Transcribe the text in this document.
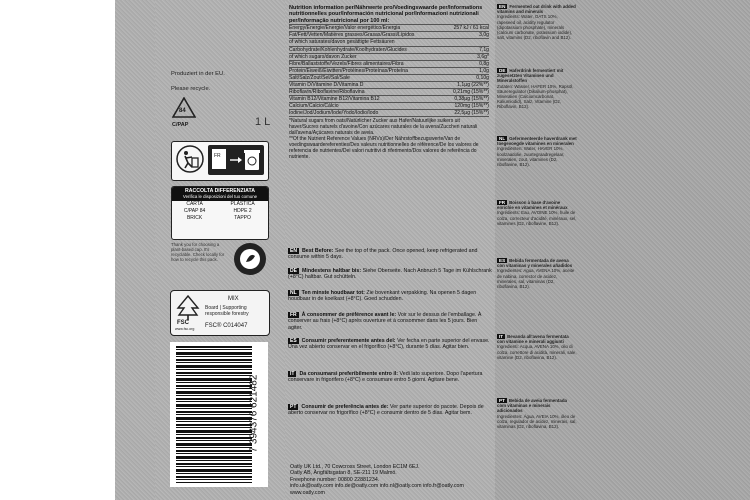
Produziert in der EU.
Please recycle.
84
C/PAP	1 L
FR
RACCOLTA DIFFERENZIATA
Verifica le disposizioni del tuo comune
CARTA	PLASTICA
C/PAP 84	HDPE 2
BRICK	TAPPO
Thank you for choosing a plant-based cap. It's recyclable. Check locally for how to recycle this pack.
FSC
www.fsc.org
MIX
Board | Supporting responsible forestry
FSC® C014047
7 394376 621482
Nutrition information per/Nährwerte pro/Voedingswaarde per/Informations nutritionnelles pour/Información nutricional por/Informazioni nutrizionali per/Informação nutricional por 100 ml:
Energy/Energie/Energie/Valor energético/Energia	257 kJ / 61 kcal
Fat/Fett/Vetten/Matières grasses/Grasas/Grassi/Lípidos	3,0g
of which saturates/davon gesättigte Fettsäuren
Carbohydrate/Kohlenhydrate/Koolhydraten/Glucides	7,1g
of which sugars/davon Zucker	3,6g*
Fibre/Ballaststoffe/Vezels/Fibres alimentaires/Fibra	0,8g
Protein/Eiweiß/Eiwitten/Protéines/Proteínas/Proteína	1,0g
Salt/Salz/Zout/Sel/Sal/Sale	0,10g
Vitamin D/Vitamine D/Vitamina D	1,1µg (22%**)
Riboflavin/Riboflavine/Riboflavina	0,21mg (15%**)
Vitamin B12/Vitamine B12/Vitamina B12	0,38µg (15%**)
Calcium/Calcio/Cálcio	120mg (15%**)
Iodine/Jod/Jodium/Iode/Yodo/Iodio/Iodo	22,5µg (15%**)
*Natural sugars from oats/Natürlicher Zucker aus Hafer/Natuurlijke suikers uit haver/Sucres naturels d'avoine/Con azúcares naturales de la avena/Zuccheri naturali dall'avena/Açúcares naturais de aveia.
**Of the Nutrient Reference Values (NRVs)/Der Nährstoffbezugswerte/Van de voedingswaardereferenties/Des valeurs nutritionnelles de référence/De los valores de referencia de nutrientes/Dei valori nutritivi di riferimento/Dos valores de referência do nutriente.
EN Best Before: See the top of the pack. Once opened, keep refrigerated and consume within 5 days.
DE Mindestens haltbar bis: Siehe Oberseite. Nach Anbruch 5 Tage im Kühlschrank (+8°C) haltbar. Gut schütteln.
NL Ten minste houdbaar tot: Zie bovenkant verpakking. Na openen 5 dagen houdbaar in de koelkast (+8°C). Goed schudden.
FR À consommer de préférence avant le: Voir sur le dessus de l'emballage. À conserver au frais (+8°C) après ouverture et à consommer dans les 5 jours. Bien agiter.
ES Consumir preferentemente antes del: Ver fecha en parte superior del envase. Una vez abierto conservar en el frigorífico (+8°C), durante 5 días. Agitar bien.
IT Da consumarsi preferibilmente entro il: Vedi lato superiore. Dopo l'apertura conservare in frigorifero (+8°C) e consumare entro 5 giorni. Agitare bene.
PT Consumir de preferência antes de: Ver parte superior do pacote. Depois de aberto conservar no frigorífico (+8°C) e consumir dentro de 5 dias. Agitar bem.
Oatly UK Ltd., 70 Cowcross Street, London EC1M 6EJ.
Oatly AB, Ängfältsgatan 8, SE-211 19 Malmö.
Freephone number: 00800 22881234.
info.uk@oatly.com info.de@oatly.com info.nl@oatly.com info.fr@oatly.com
www.oatly.com
EN Fermented oat drink with added vitamins and minerals
Ingredients: Water, OATS 10%, rapeseed oil, acidity regulator (dipotassium phosphate), minerals (calcium carbonate, potassium iodide), salt, vitamins (D2, riboflavin and B12).
DE Haferdrink fermentiert mit zugesetzten Vitaminen und Mineralstoffen
Zutaten: Wasser, HAFER 10%, Rapsöl, Säureregulator (Dikalium-phosphat), Mineralien (Calciumcarbonat, Kaliumiodid), Salz, Vitamine (D2, Riboflavin, B12).
NL Gefermenteerde haverdrank met toegevoegde vitamines en mineralen
Ingrediënten: Water, HAVER 10%, koolzaadolie, zuurtegraadregelaar, mineralen, zout, vitamines (D2, riboflavine, B12).
FR Boisson à base d'avoine enrichie en vitamines et minéraux
Ingrédients: Eau, AVOINE 10%, huile de colza, correcteur d'acidité, minéraux, sel, vitamines (D2, riboflavine, B12).
ES Bebida fermentada de avena con vitaminas y minerales añadidos
Ingredientes: Agua, AVENA 10%, aceite de nabina, corrector de acidez, minerales, sal, vitaminas (D2, riboflavina, B12).
IT Bevanda all'avena fermentata con vitamine e minerali aggiunti
Ingredienti: Acqua, AVENA 10%, olio di colza, correttore di acidità, minerali, sale, vitamine (D2, riboflavina, B12).
PT Bebida de aveia fermentada com vitaminas e minerais adicionados
Ingredientes: Água, AVEIA 10%, óleo de colza, regulador de acidez, minerais, sal, vitaminas (D2, riboflavina, B12).
